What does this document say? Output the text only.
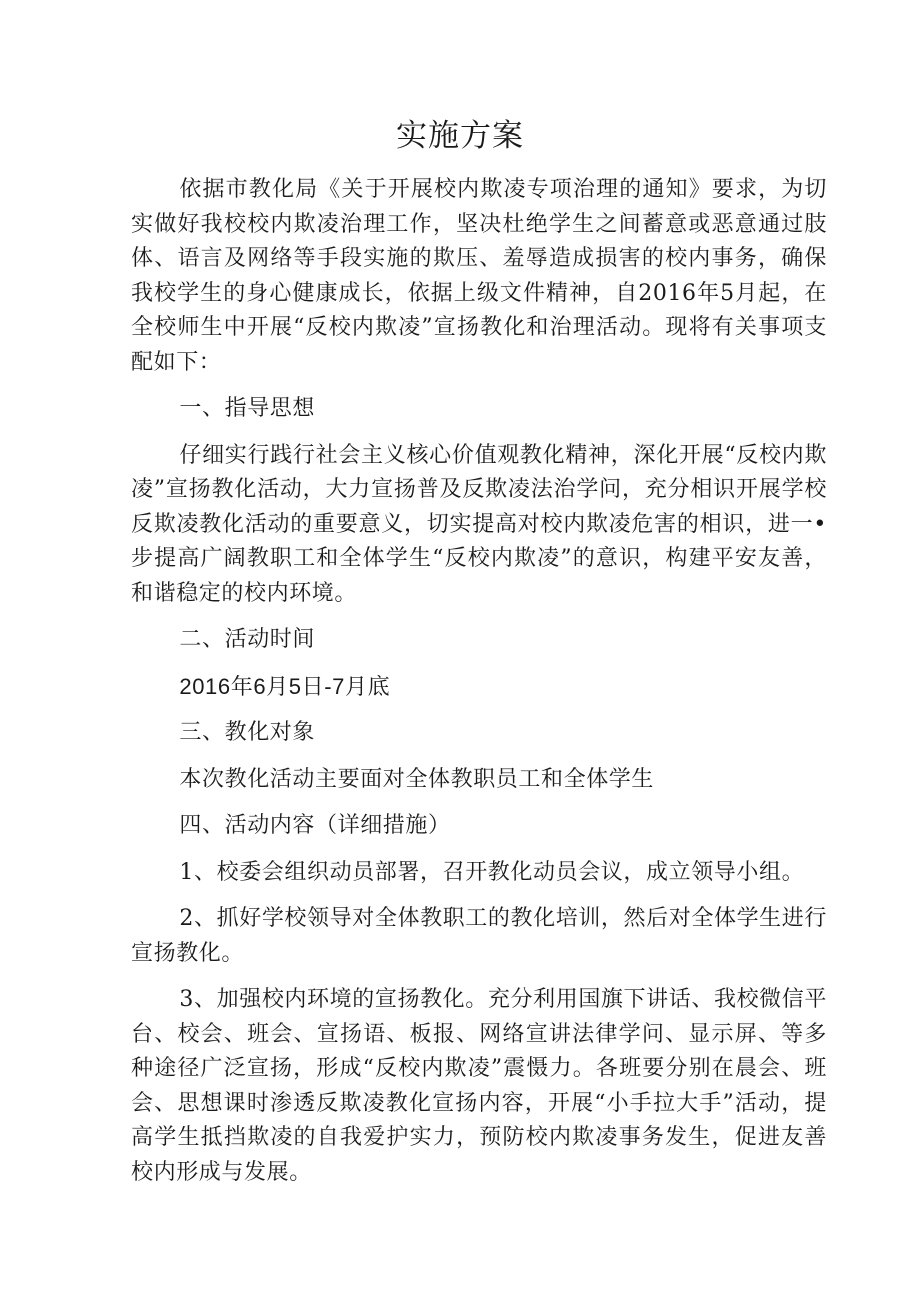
实施方案

依据市教化局《关于开展校内欺凌专项治理的通知》要求，为切实做好我校校内欺凌治理工作，坚决杜绝学生之间蓄意或恶意通过肢体、语言及网络等手段实施的欺压、羞辱造成损害的校内事务，确保我校学生的身心健康成长，依据上级文件精神，自2016年5月起，在全校师生中开展“反校内欺凌”宣扬教化和治理活动。现将有关事项支配如下：

一、指导思想

仔细实行践行社会主义核心价值观教化精神，深化开展“反校内欺凌”宣扬教化活动，大力宣扬普及反欺凌法治学问，充分相识开展学校反欺凌教化活动的重要意义，切实提高对校内欺凌危害的相识，进一•步提高广阔教职工和全体学生“反校内欺凌”的意识，构建平安友善，和谐稳定的校内环境。

二、活动时间

2016年6月5日-7月底

三、教化对象

本次教化活动主要面对全体教职员工和全体学生

四、活动内容（详细措施）

1、校委会组织动员部署，召开教化动员会议，成立领导小组。

2、抓好学校领导对全体教职工的教化培训，然后对全体学生进行宣扬教化。

3、加强校内环境的宣扬教化。充分利用国旗下讲话、我校微信平台、校会、班会、宣扬语、板报、网络宣讲法律学问、显示屏、等多种途径广泛宣扬，形成“反校内欺凌”震慑力。各班要分别在晨会、班会、思想课时渗透反欺凌教化宣扬内容，开展“小手拉大手”活动，提高学生抵挡欺凌的自我爱护实力，预防校内欺凌事务发生，促进友善校内形成与发展。
